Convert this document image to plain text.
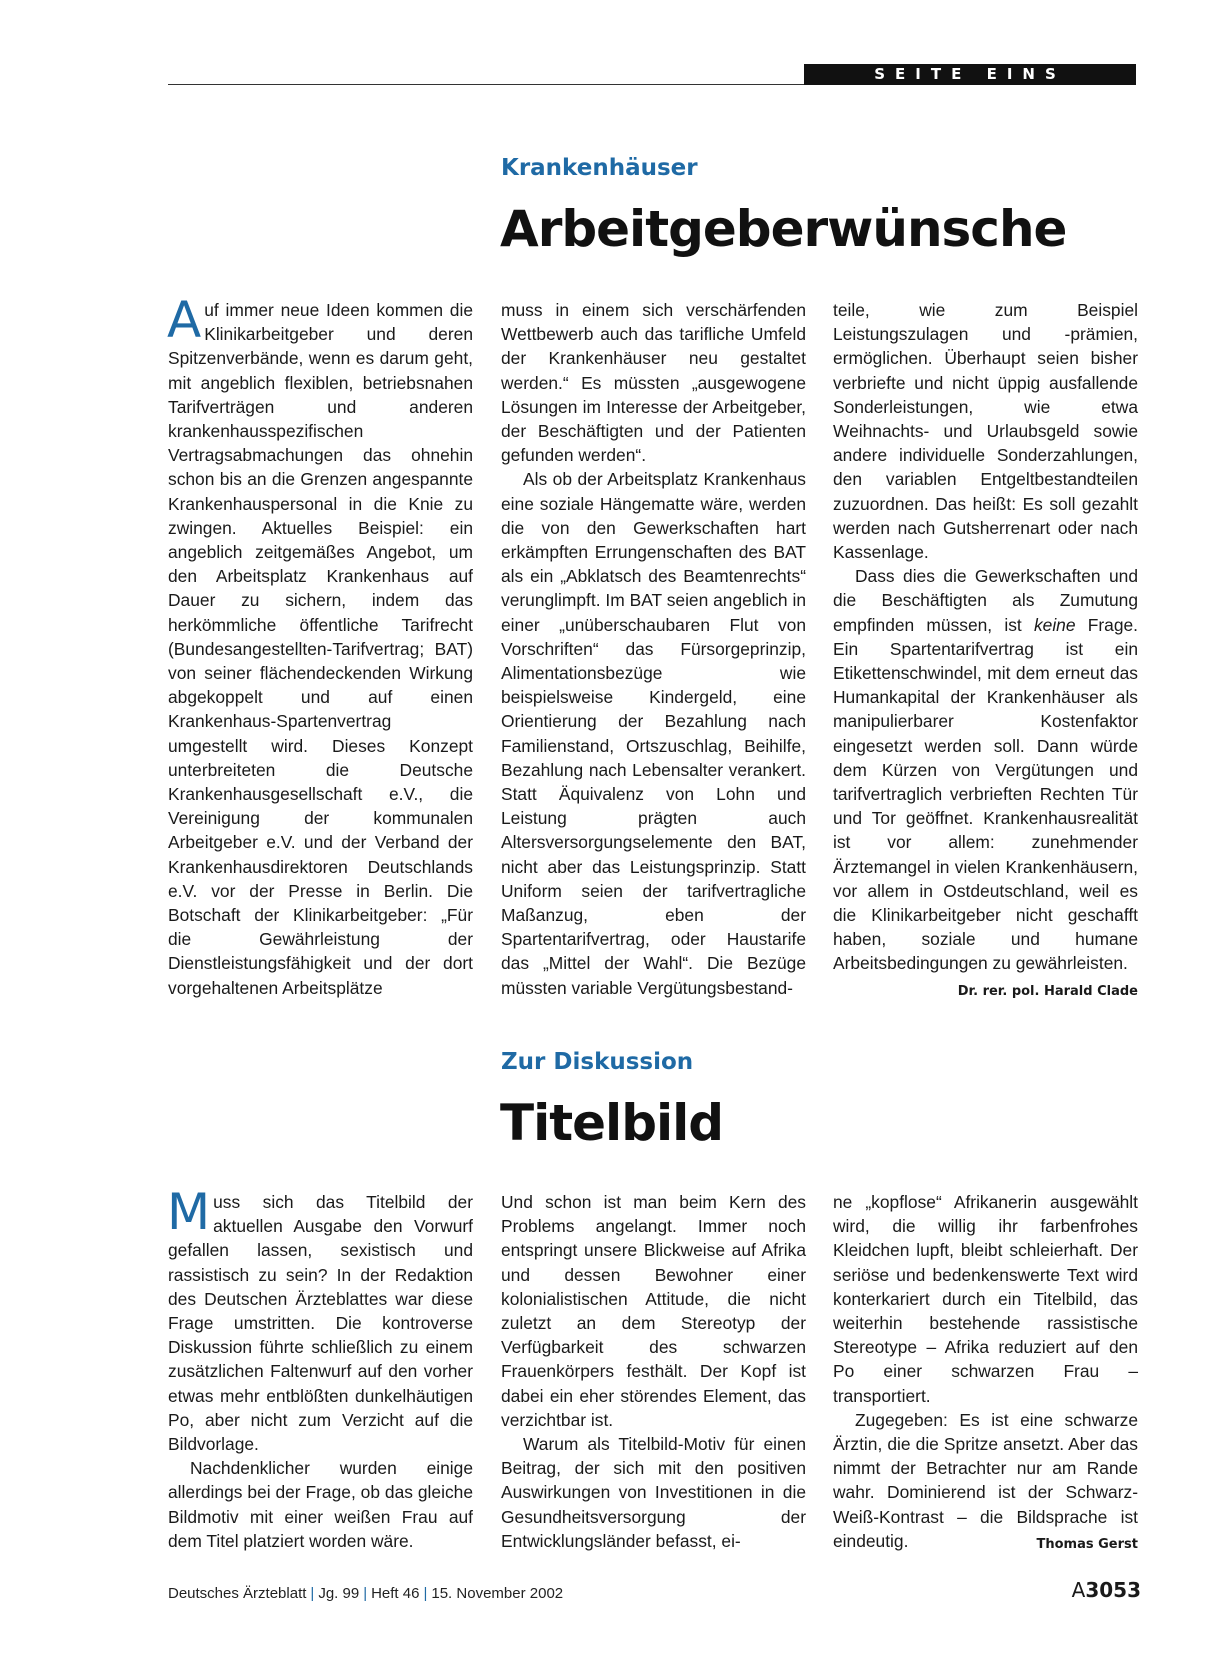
SEITE EINS
Krankenhäuser
Arbeitgeberwünsche

Auf immer neue Ideen kommen die Klinikarbeitgeber und deren Spitzenverbände, wenn es darum geht, mit angeblich flexiblen, betriebsnahen Tarifverträgen und anderen krankenhausspezifischen Vertragsabmachungen das ohnehin schon bis an die Grenzen angespannte Krankenhauspersonal in die Knie zu zwingen. Aktuelles Beispiel: ein angeblich zeitgemäßes Angebot, um den Arbeitsplatz Krankenhaus auf Dauer zu sichern, indem das herkömmliche öffentliche Tarifrecht (Bundesangestellten-Tarifvertrag; BAT) von seiner flächendeckenden Wirkung abgekoppelt und auf einen Krankenhaus-Spartenvertrag umgestellt wird. Dieses Konzept unterbreiteten die Deutsche Krankenhausgesellschaft e.V., die Vereinigung der kommunalen Arbeitgeber e.V. und der Verband der Krankenhausdirektoren Deutschlands e.V. vor der Presse in Berlin. Die Botschaft der Klinikarbeitgeber: „Für die Gewährleistung der Dienstleistungsfähigkeit und der dort vorgehaltenen Arbeitsplätze

muss in einem sich verschärfenden Wettbewerb auch das tarifliche Umfeld der Krankenhäuser neu gestaltet werden.“ Es müssten „ausgewogene Lösungen im Interesse der Arbeitgeber, der Beschäftigten und der Patienten gefunden werden“.

Als ob der Arbeitsplatz Krankenhaus eine soziale Hängematte wäre, werden die von den Gewerkschaften hart erkämpften Errungenschaften des BAT als ein „Abklatsch des Beamtenrechts“ verunglimpft. Im BAT seien angeblich in einer „unüberschaubaren Flut von Vorschriften“ das Fürsorgeprinzip, Alimentationsbezüge wie beispielsweise Kindergeld, eine Orientierung der Bezahlung nach Familienstand, Ortszuschlag, Beihilfe, Bezahlung nach Lebensalter verankert. Statt Äquivalenz von Lohn und Leistung prägten auch Altersversorgungselemente den BAT, nicht aber das Leistungsprinzip. Statt Uniform seien der tarifvertragliche Maßanzug, eben der Spartentarifvertrag, oder Haustarife das „Mittel der Wahl“. Die Bezüge müssten variable Vergütungsbestand-

teile, wie zum Beispiel Leistungszulagen und -prämien, ermöglichen. Überhaupt seien bisher verbriefte und nicht üppig ausfallende Sonderleistungen, wie etwa Weihnachts- und Urlaubsgeld sowie andere individuelle Sonderzahlungen, den variablen Entgeltbestandteilen zuzuordnen. Das heißt: Es soll gezahlt werden nach Gutsherrenart oder nach Kassenlage.

Dass dies die Gewerkschaften und die Beschäftigten als Zumutung empfinden müssen, ist keine Frage. Ein Spartentarifvertrag ist ein Etikettenschwindel, mit dem erneut das Humankapital der Krankenhäuser als manipulierbarer Kostenfaktor eingesetzt werden soll. Dann würde dem Kürzen von Vergütungen und tarifvertraglich verbrieften Rechten Tür und Tor geöffnet. Krankenhausrealität ist vor allem: zunehmender Ärztemangel in vielen Krankenhäusern, vor allem in Ostdeutschland, weil es die Klinikarbeitgeber nicht geschafft haben, soziale und humane Arbeitsbedingungen zu gewährleisten.
Dr. rer. pol. Harald Clade

Zur Diskussion
Titelbild

Muss sich das Titelbild der aktuellen Ausgabe den Vorwurf gefallen lassen, sexistisch und rassistisch zu sein? In der Redaktion des Deutschen Ärzteblattes war diese Frage umstritten. Die kontroverse Diskussion führte schließlich zu einem zusätzlichen Faltenwurf auf den vorher etwas mehr entblößten dunkelhäutigen Po, aber nicht zum Verzicht auf die Bildvorlage.

Nachdenklicher wurden einige allerdings bei der Frage, ob das gleiche Bildmotiv mit einer weißen Frau auf dem Titel platziert worden wäre.

Und schon ist man beim Kern des Problems angelangt. Immer noch entspringt unsere Blickweise auf Afrika und dessen Bewohner einer kolonialistischen Attitude, die nicht zuletzt an dem Stereotyp der Verfügbarkeit des schwarzen Frauenkörpers festhält. Der Kopf ist dabei ein eher störendes Element, das verzichtbar ist.

Warum als Titelbild-Motiv für einen Beitrag, der sich mit den positiven Auswirkungen von Investitionen in die Gesundheitsversorgung der Entwicklungsländer befasst, ei-

ne „kopflose“ Afrikanerin ausgewählt wird, die willig ihr farbenfrohes Kleidchen lupft, bleibt schleierhaft. Der seriöse und bedenkenswerte Text wird konterkariert durch ein Titelbild, das weiterhin bestehende rassistische Stereotype – Afrika reduziert auf den Po einer schwarzen Frau – transportiert.

Zugegeben: Es ist eine schwarze Ärztin, die die Spritze ansetzt. Aber das nimmt der Betrachter nur am Rande wahr. Dominierend ist der Schwarz-Weiß-Kontrast – die Bildsprache ist eindeutig.	Thomas Gerst

Deutsches Ärzteblatt | Jg. 99 | Heft 46 | 15. November 2002	A3053
